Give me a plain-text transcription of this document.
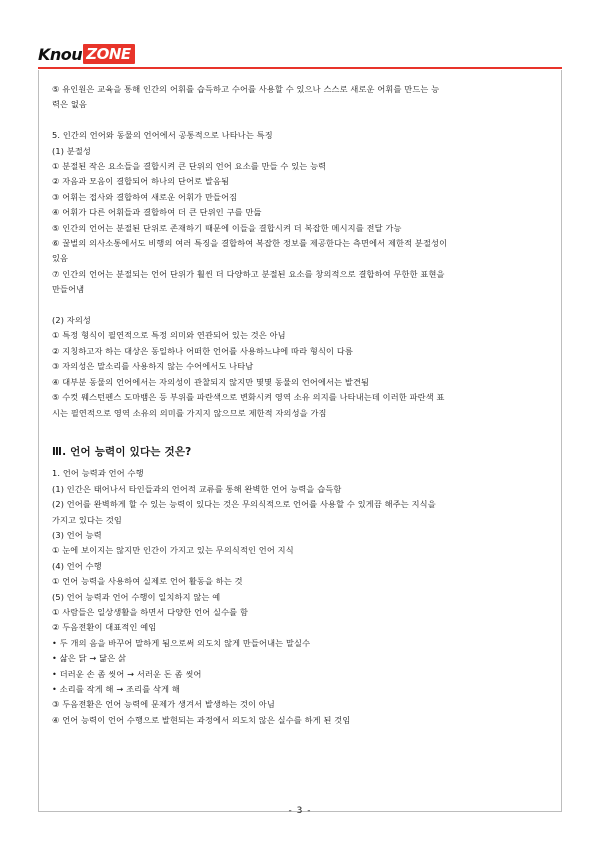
K nou ZONE
⑤ 유인원은 교육을 통해 인간의 어휘를 습득하고 수어를 사용할 수 있으나 스스로 새로운 어휘를 만드는 능
력은 없음
5. 인간의 언어와 동물의 언어에서 공통적으로 나타나는 특징
(1) 분절성
① 분절된 작은 요소들을 결합시켜 큰 단위의 언어 요소를 만들 수 있는 능력
② 자음과 모음이 결합되어 하나의 단어로 발음됨
③ 어휘는 접사와 결합하여 새로운 어휘가 만들어짐
④ 어휘가 다른 어휘들과 결합하여 더 큰 단위인 구를 만듦
⑤ 인간의 언어는 분절된 단위로 존재하기 때문에 이들을 결합시켜 더 복잡한 메시지를 전달 가능
⑥ 꿀벌의 의사소통에서도 비행의 여러 특징을 결합하여 복잡한 정보를 제공한다는 측면에서 제한적 분절성이
있음
⑦ 인간의 언어는 분절되는 언어 단위가 훨씬 더 다양하고 분절된 요소를 창의적으로 결합하여 무한한 표현을
만들어냄
(2) 자의성
① 특정 형식이 필연적으로 특정 의미와 연관되어 있는 것은 아님
② 지칭하고자 하는 대상은 동일하나 어떠한 언어를 사용하느냐에 따라 형식이 다름
③ 자의성은 말소리를 사용하지 않는 수어에서도 나타남
④ 대부분 동물의 언어에서는 자의성이 관찰되지 않지만 몇몇 동물의 언어에서는 발견됨
⑤ 수컷 웨스턴펜스 도마뱀은 등 부위를 파란색으로 변화시켜 영역 소유 의지를 나타내는데 이러한 파란색 표
시는 필연적으로 영역 소유의 의미를 가지지 않으므로 제한적 자의성을 가짐
Ⅲ. 언어 능력이 있다는 것은?
1. 언어 능력과 언어 수행
(1) 인간은 태어나서 타인들과의 언어적 교류를 통해 완벽한 언어 능력을 습득함
(2) 언어를 완벽하게 할 수 있는 능력이 있다는 것은 무의식적으로 언어를 사용할 수 있게끔 해주는 지식을
가지고 있다는 것임
(3) 언어 능력
① 눈에 보이지는 않지만 인간이 가지고 있는 무의식적인 언어 지식
(4) 언어 수행
① 언어 능력을 사용하여 실제로 언어 활동을 하는 것
(5) 언어 능력과 언어 수행이 일치하지 않는 예
① 사람들은 일상생활을 하면서 다양한 언어 실수를 함
② 두음전환이 대표적인 예임
• 두 개의 음을 바꾸어 말하게 됨으로써 의도치 않게 만들어내는 말실수
• 삶은 닭 → 닮은 삵
• 더러운 손 좀 씻어 → 서러운 돈 좀 씻어
• 소리를 작게 해 → 조리를 삭게 해
③ 두음전환은 언어 능력에 문제가 생겨서 발생하는 것이 아님
④ 언어 능력이 언어 수행으로 발현되는 과정에서 의도치 않은 실수를 하게 된 것임
- 3 -
